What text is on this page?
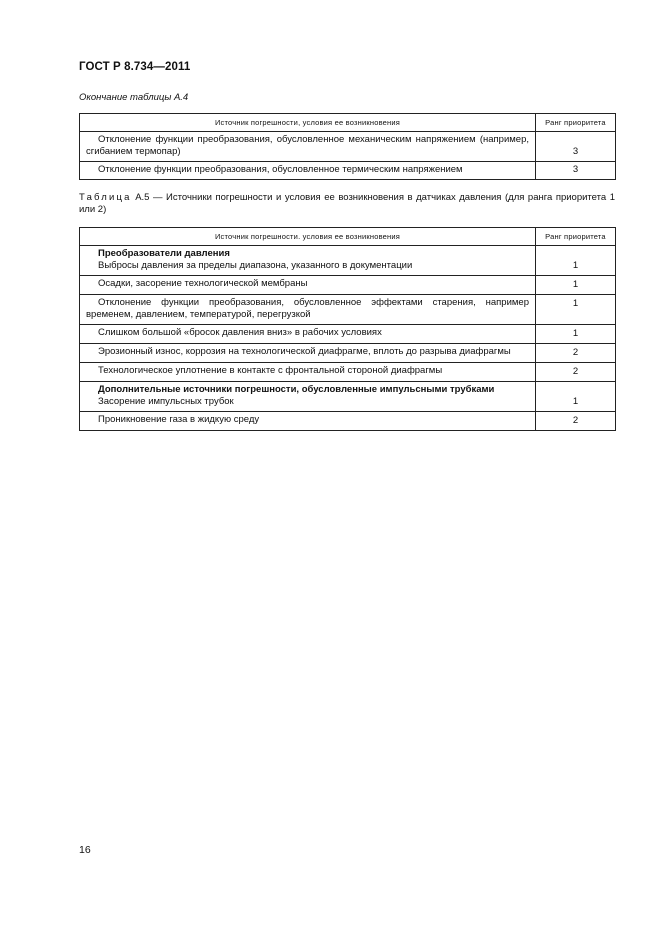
ГОСТ Р 8.734—2011
Окончание таблицы А.4
Источник погрешности, условия ее возникновения	Ранг приоритета

Отклонение функции преобразования, обусловленное механическим напряжением (например, сгибанием термопар)	3

Отклонение функции преобразования, обусловленное термическим напряжением	3
Таблица А.5 — Источники погрешности и условия ее возникновения в датчиках давления (для ранга приоритета 1 или 2)
Источник погрешности. условия ее возникновения	Ранг приоритета

Преобразователи давления
Выбросы давления за пределы диапазона, указанного в документации	1

Осадки, засорение технологической мембраны	1

Отклонение функции преобразования, обусловленное эффектами старения, например временем, давлением, температурой, перегрузкой	1

Слишком большой «бросок давления вниз» в рабочих условиях	1

Эрозионный износ, коррозия на технологической диафрагме, вплоть до разрыва диафрагмы	2

Технологическое уплотнение в контакте с фронтальной стороной диафрагмы	2

Дополнительные источники погрешности, обусловленные импульсными трубками
Засорение импульсных трубок	1

Проникновение газа в жидкую среду	2
16
